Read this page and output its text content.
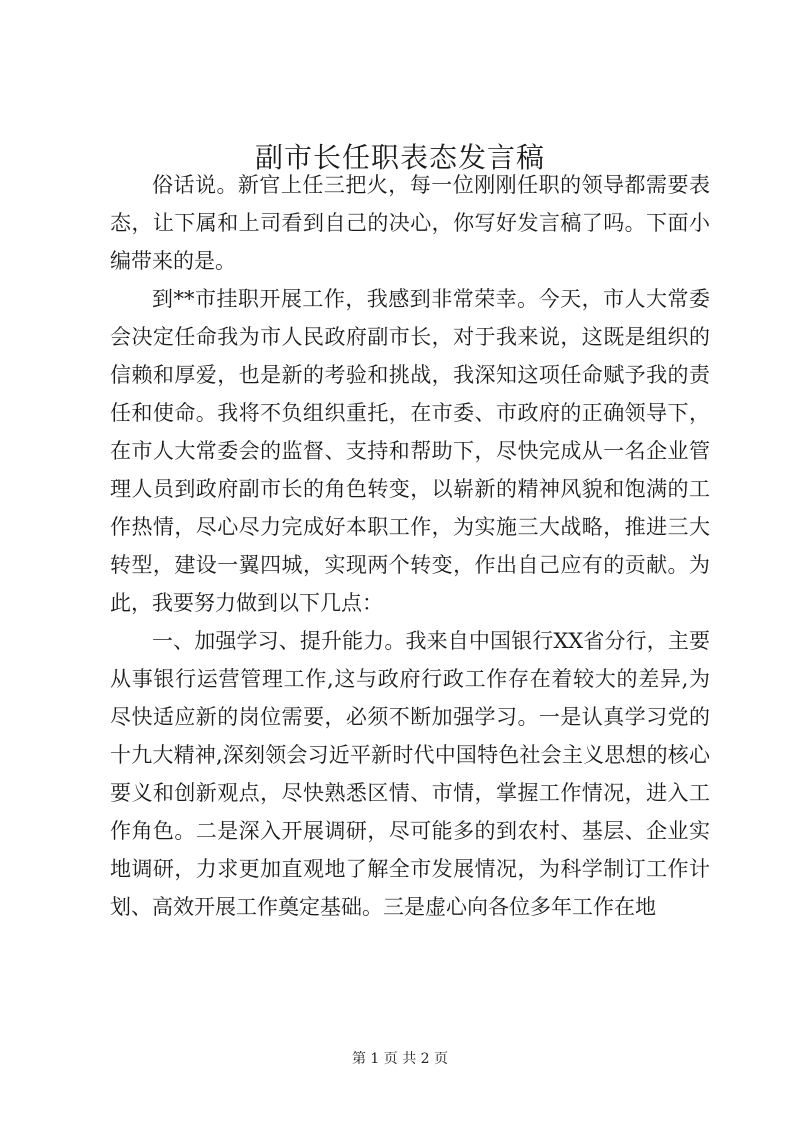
副市长任职表态发言稿

俗话说。新官上任三把火，每一位刚刚任职的领导都需要表态，让下属和上司看到自己的决心，你写好发言稿了吗。下面小编带来的是。

到**市挂职开展工作，我感到非常荣幸。今天，市人大常委会决定任命我为市人民政府副市长，对于我来说，这既是组织的信赖和厚爱，也是新的考验和挑战，我深知这项任命赋予我的责任和使命。我将不负组织重托，在市委、市政府的正确领导下，在市人大常委会的监督、支持和帮助下，尽快完成从一名企业管理人员到政府副市长的角色转变，以崭新的精神风貌和饱满的工作热情，尽心尽力完成好本职工作，为实施三大战略，推进三大转型，建设一翼四城，实现两个转变，作出自己应有的贡献。为此，我要努力做到以下几点：

一、加强学习、提升能力。我来自中国银行XX省分行，主要从事银行运营管理工作,这与政府行政工作存在着较大的差异,为尽快适应新的岗位需要，必须不断加强学习。一是认真学习党的十九大精神,深刻领会习近平新时代中国特色社会主义思想的核心要义和创新观点，尽快熟悉区情、市情，掌握工作情况，进入工作角色。二是深入开展调研，尽可能多的到农村、基层、企业实地调研，力求更加直观地了解全市发展情况，为科学制订工作计划、高效开展工作奠定基础。三是虚心向各位多年工作在地

第 1 页 共 2 页
